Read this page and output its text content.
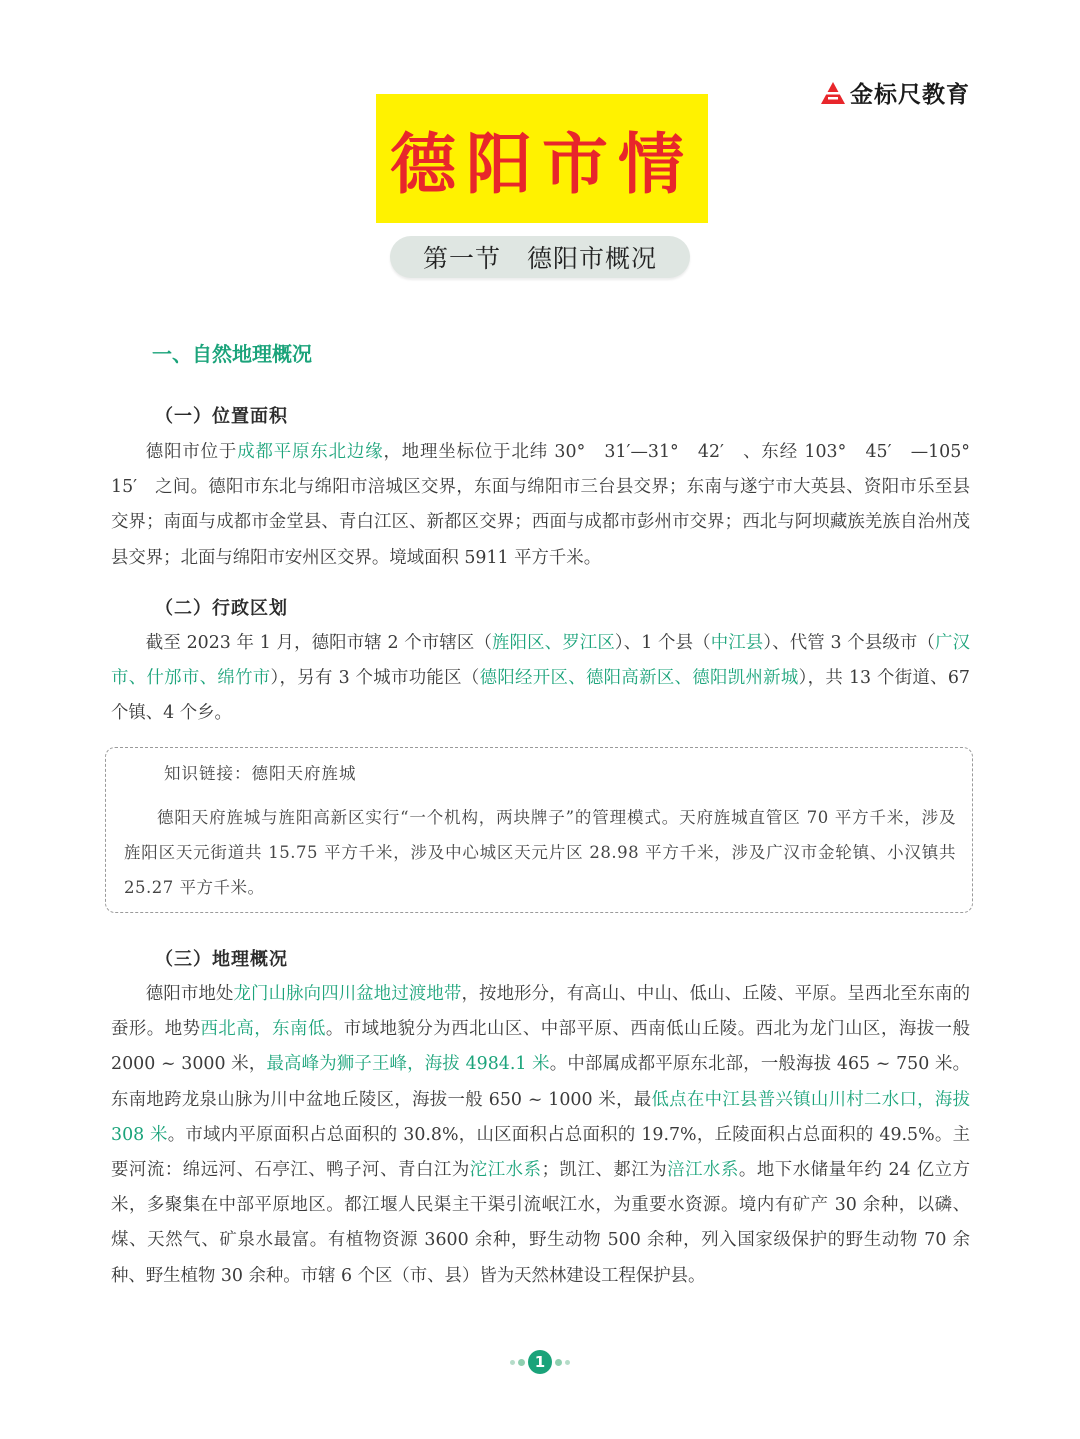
金标尺教育
德阳市情
第一节　德阳市概况
一、自然地理概况
（一）位置面积

德阳市位于成都平原东北边缘，地理坐标位于北纬 30°　31′—31°　42′　、东经 103°　45′　—105°　15′　之间。德阳市东北与绵阳市涪城区交界，东面与绵阳市三台县交界；东南与遂宁市大英县、资阳市乐至县交界；南面与成都市金堂县、青白江区、新都区交界；西面与成都市彭州市交界；西北与阿坝藏族羌族自治州茂县交界；北面与绵阳市安州区交界。境域面积 5911 平方千米。

（二）行政区划

截至 2023 年 1 月，德阳市辖 2 个市辖区（旌阳区、罗江区）、1 个县（中江县）、代管 3 个县级市（广汉市、什邡市、绵竹市），另有 3 个城市功能区（德阳经开区、德阳高新区、德阳凯州新城），共 13 个街道、67 个镇、4 个乡。

知识链接：德阳天府旌城
德阳天府旌城与旌阳高新区实行“一个机构，两块牌子”的管理模式。天府旌城直管区 70 平方千米，涉及旌阳区天元街道共 15.75 平方千米，涉及中心城区天元片区 28.98 平方千米，涉及广汉市金轮镇、小汉镇共 25.27 平方千米。
（三）地理概况

德阳市地处龙门山脉向四川盆地过渡地带，按地形分，有高山、中山、低山、丘陵、平原。呈西北至东南的蚕形。地势西北高，东南低。市域地貌分为西北山区、中部平原、西南低山丘陵。西北为龙门山区，海拔一般 2000 ~ 3000 米，最高峰为狮子王峰，海拔 4984.1 米。中部属成都平原东北部，一般海拔 465 ~ 750 米。东南地跨龙泉山脉为川中盆地丘陵区，海拔一般 650 ~ 1000 米，最低点在中江县普兴镇山川村二水口，海拔 308 米。市域内平原面积占总面积的 30.8%，山区面积占总面积的 19.7%，丘陵面积占总面积的 49.5%。主要河流：绵远河、石亭江、鸭子河、青白江为沱江水系；凯江、郪江为涪江水系。地下水储量年约 24 亿立方米，多聚集在中部平原地区。都江堰人民渠主干渠引流岷江水，为重要水资源。境内有矿产 30 余种，以磷、煤、天然气、矿泉水最富。有植物资源 3600 余种，野生动物 500 余种，列入国家级保护的野生动物 70 余种、野生植物 30 余种。市辖 6 个区（市、县）皆为天然林建设工程保护县。

1
